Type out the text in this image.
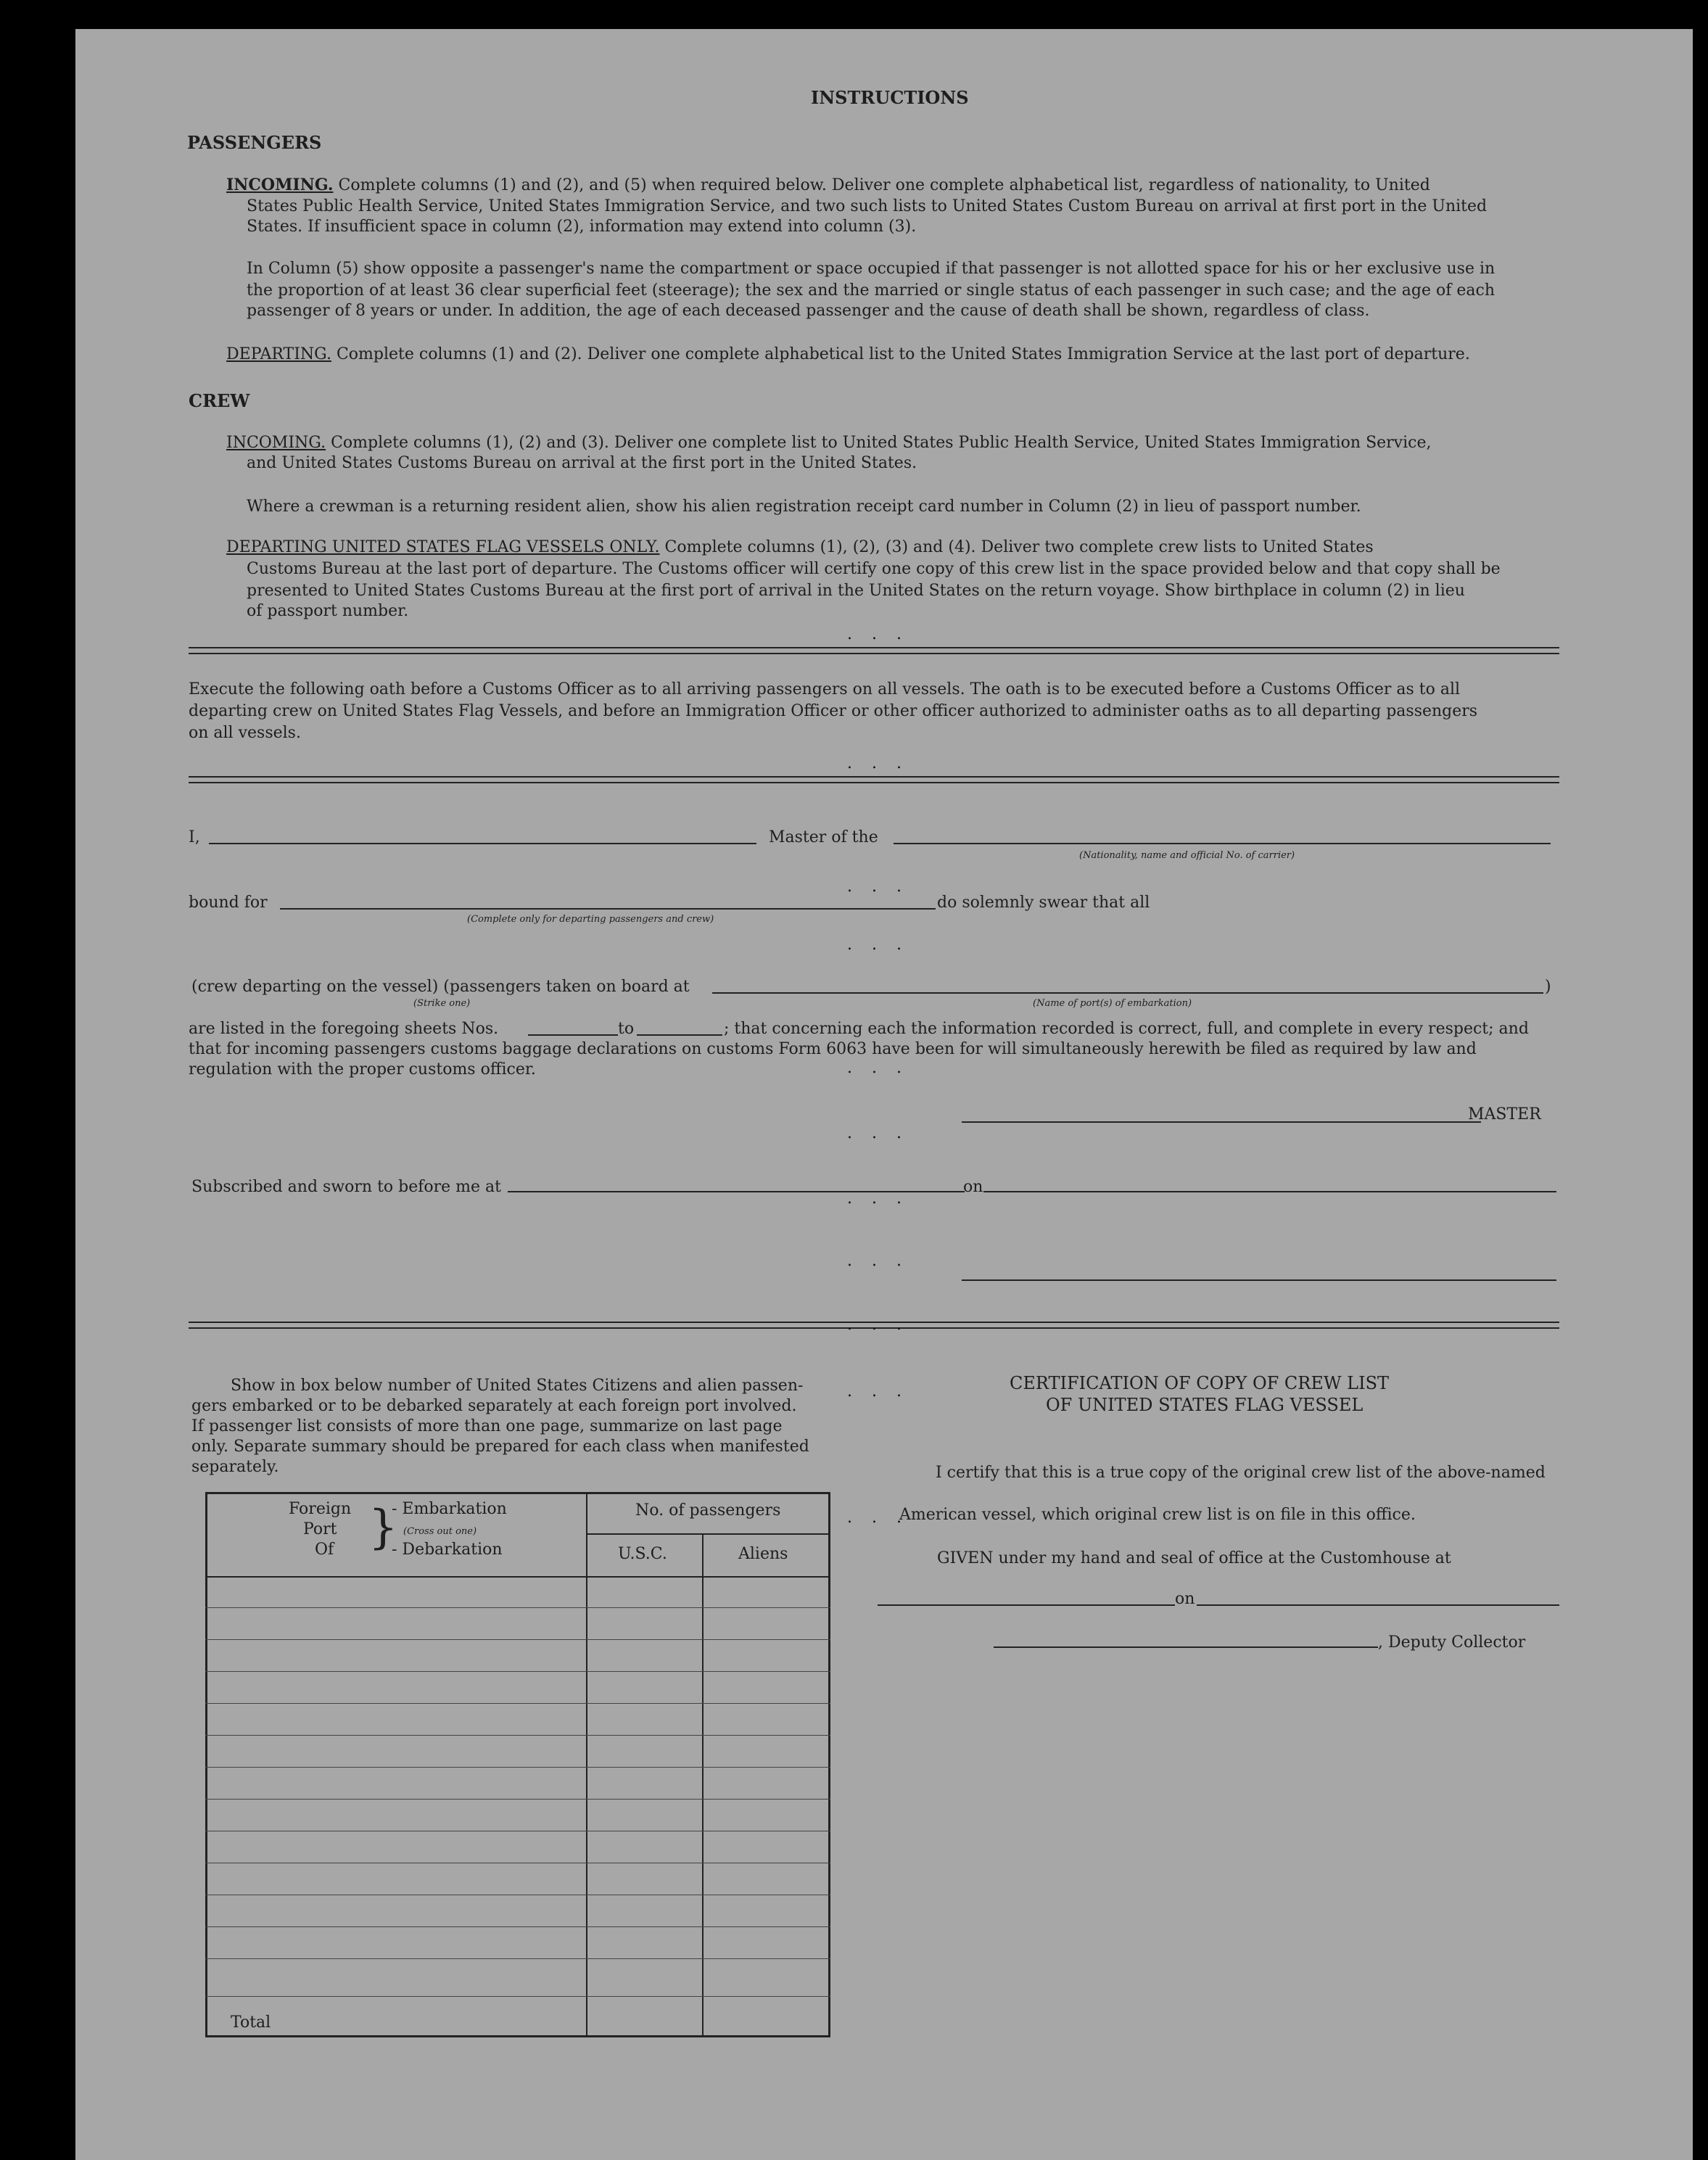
INSTRUCTIONS
PASSENGERS
INCOMING. Complete columns (1) and (2), and (5) when required below. Deliver one complete alphabetical list, regardless of nationality, to United
States Public Health Service, United States Immigration Service, and two such lists to United States Custom Bureau on arrival at first port in the United
States. If insufficient space in column (2), information may extend into column (3).
In Column (5) show opposite a passenger's name the compartment or space occupied if that passenger is not allotted space for his or her exclusive use in
the proportion of at least 36 clear superficial feet (steerage); the sex and the married or single status of each passenger in such case; and the age of each
passenger of 8 years or under. In addition, the age of each deceased passenger and the cause of death shall be shown, regardless of class.
DEPARTING. Complete columns (1) and (2). Deliver one complete alphabetical list to the United States Immigration Service at the last port of departure.
CREW
INCOMING. Complete columns (1), (2) and (3). Deliver one complete list to United States Public Health Service, United States Immigration Service,
and United States Customs Bureau on arrival at the first port in the United States.
Where a crewman is a returning resident alien, show his alien registration receipt card number in Column (2) in lieu of passport number.
DEPARTING UNITED STATES FLAG VESSELS ONLY. Complete columns (1), (2), (3) and (4). Deliver two complete crew lists to United States
Customs Bureau at the last port of departure. The Customs officer will certify one copy of this crew list in the space provided below and that copy shall be
presented to United States Customs Bureau at the first port of arrival in the United States on the return voyage. Show birthplace in column (2) in lieu
of passport number.
Execute the following oath before a Customs Officer as to all arriving passengers on all vessels. The oath is to be executed before a Customs Officer as to all
departing crew on United States Flag Vessels, and before an Immigration Officer or other officer authorized to administer oaths as to all departing passengers
on all vessels.
I,	Master of the
(Nationality, name and official No. of carrier)
bound for
(Complete only for departing passengers and crew)
do solemnly swear that all
(crew departing on the vessel) (passengers taken on board at	)
(Strike one)	(Name of port(s) of embarkation)
are listed in the foregoing sheets Nos.	to	; that concerning each the information recorded is correct, full, and complete in every respect; and
that for incoming passengers customs baggage declarations on customs Form 6063 have been for will simultaneously herewith be filed as required by law and
regulation with the proper customs officer.
MASTER
Subscribed and sworn to before me at	on
. . .
. . .
. . .
. . .
. . .
. . .
. . .
. . .
. . .
. . .
. . .
Show in box below number of United States Citizens and alien passen-
gers embarked or to be debarked separately at each foreign port involved.
If passenger list consists of more than one page, summarize on last page
only. Separate summary should be prepared for each class when manifested
separately.
Foreign
Port
Of }
- Embarkation
(Cross out one)
- Debarkation
No. of passengers
U.S.C.	Aliens
Total
CERTIFICATION OF COPY OF CREW LIST
OF UNITED STATES FLAG VESSEL
I certify that this is a true copy of the original crew list of the above-named
American vessel, which original crew list is on file in this office.
GIVEN under my hand and seal of office at the Customhouse at
on
, Deputy Collector
